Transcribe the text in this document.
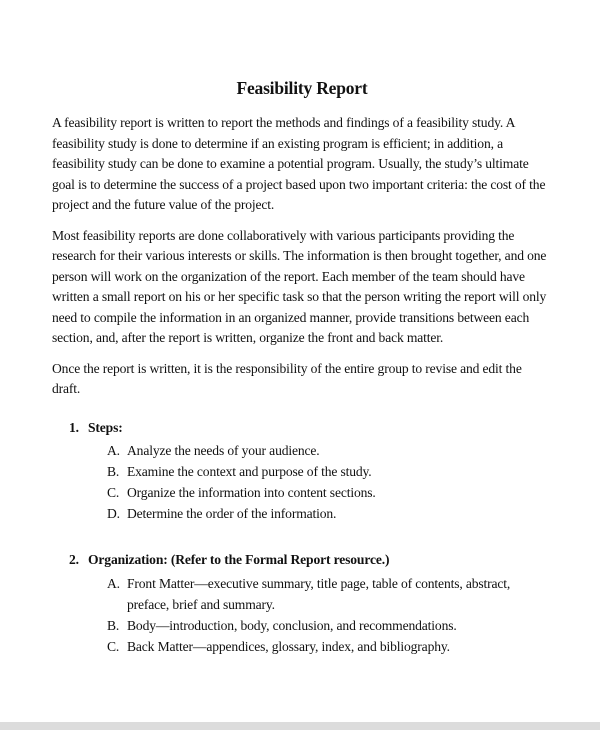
Feasibility Report

A feasibility report is written to report the methods and findings of a feasibility study. A feasibility study is done to determine if an existing program is efficient; in addition, a feasibility study can be done to examine a potential program. Usually, the study’s ultimate goal is to determine the success of a project based upon two important criteria: the cost of the project and the future value of the project.

Most feasibility reports are done collaboratively with various participants providing the research for their various interests or skills. The information is then brought together, and one person will work on the organization of the report. Each member of the team should have written a small report on his or her specific task so that the person writing the report will only need to compile the information in an organized manner, provide transitions between each section, and, after the report is written, organize the front and back matter.

Once the report is written, it is the responsibility of the entire group to revise and edit the draft.

1. Steps:
A. Analyze the needs of your audience.
B. Examine the context and purpose of the study.
C. Organize the information into content sections.
D. Determine the order of the information.
2. Organization: (Refer to the Formal Report resource.)
A. Front Matter—executive summary, title page, table of contents, abstract, preface, brief and summary.
B. Body—introduction, body, conclusion, and recommendations.
C. Back Matter—appendices, glossary, index, and bibliography.
